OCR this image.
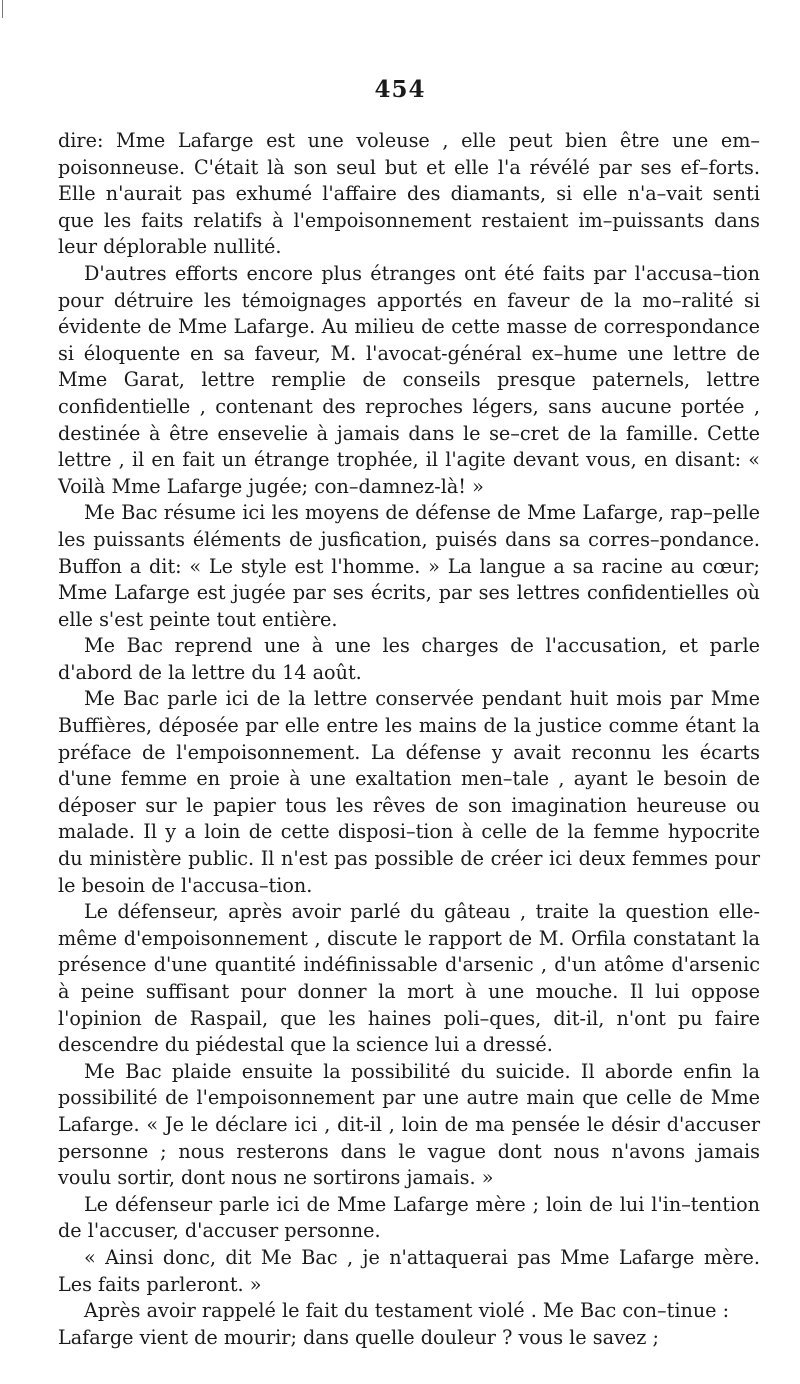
454

dire: Mme Lafarge est une voleuse , elle peut bien être une em–poisonneuse. C'était là son seul but et elle l'a révélé par ses ef–forts. Elle n'aurait pas exhumé l'affaire des diamants, si elle n'a–vait senti que les faits relatifs à l'empoisonnement restaient im–puissants dans leur déplorable nullité.

D'autres efforts encore plus étranges ont été faits par l'accusa–tion pour détruire les témoignages apportés en faveur de la mo–ralité si évidente de Mme Lafarge. Au milieu de cette masse de correspondance si éloquente en sa faveur, M. l'avocat-général ex–hume une lettre de Mme Garat, lettre remplie de conseils presque paternels, lettre confidentielle , contenant des reproches légers, sans aucune portée , destinée à être ensevelie à jamais dans le se–cret de la famille. Cette lettre , il en fait un étrange trophée, il l'agite devant vous, en disant: « Voilà Mme Lafarge jugée; con–damnez-là! »

Me Bac résume ici les moyens de défense de Mme Lafarge, rap–pelle les puissants éléments de jusfication, puisés dans sa corres–pondance. Buffon a dit: « Le style est l'homme. » La langue a sa racine au cœur; Mme Lafarge est jugée par ses écrits, par ses lettres confidentielles où elle s'est peinte tout entière.

Me Bac reprend une à une les charges de l'accusation, et parle d'abord de la lettre du 14 août.

Me Bac parle ici de la lettre conservée pendant huit mois par Mme Buffières, déposée par elle entre les mains de la justice comme étant la préface de l'empoisonnement. La défense y avait reconnu les écarts d'une femme en proie à une exaltation men–tale , ayant le besoin de déposer sur le papier tous les rêves de son imagination heureuse ou malade. Il y a loin de cette disposi–tion à celle de la femme hypocrite du ministère public. Il n'est pas possible de créer ici deux femmes pour le besoin de l'accusa–tion.

Le défenseur, après avoir parlé du gâteau , traite la question elle-même d'empoisonnement , discute le rapport de M. Orfila constatant la présence d'une quantité indéfinissable d'arsenic , d'un atôme d'arsenic à peine suffisant pour donner la mort à une mouche. Il lui oppose l'opinion de Raspail, que les haines poli–ques, dit-il, n'ont pu faire descendre du piédestal que la science lui a dressé.

Me Bac plaide ensuite la possibilité du suicide. Il aborde enfin la possibilité de l'empoisonnement par une autre main que celle de Mme Lafarge. « Je le déclare ici , dit-il , loin de ma pensée le désir d'accuser personne ; nous resterons dans le vague dont nous n'avons jamais voulu sortir, dont nous ne sortirons jamais. »

Le défenseur parle ici de Mme Lafarge mère ; loin de lui l'in–tention de l'accuser, d'accuser personne.

« Ainsi donc, dit Me Bac , je n'attaquerai pas Mme Lafarge mère. Les faits parleront. »

Après avoir rappelé le fait du testament violé . Me Bac con–tinue :

Lafarge vient de mourir; dans quelle douleur ? vous le savez ;
